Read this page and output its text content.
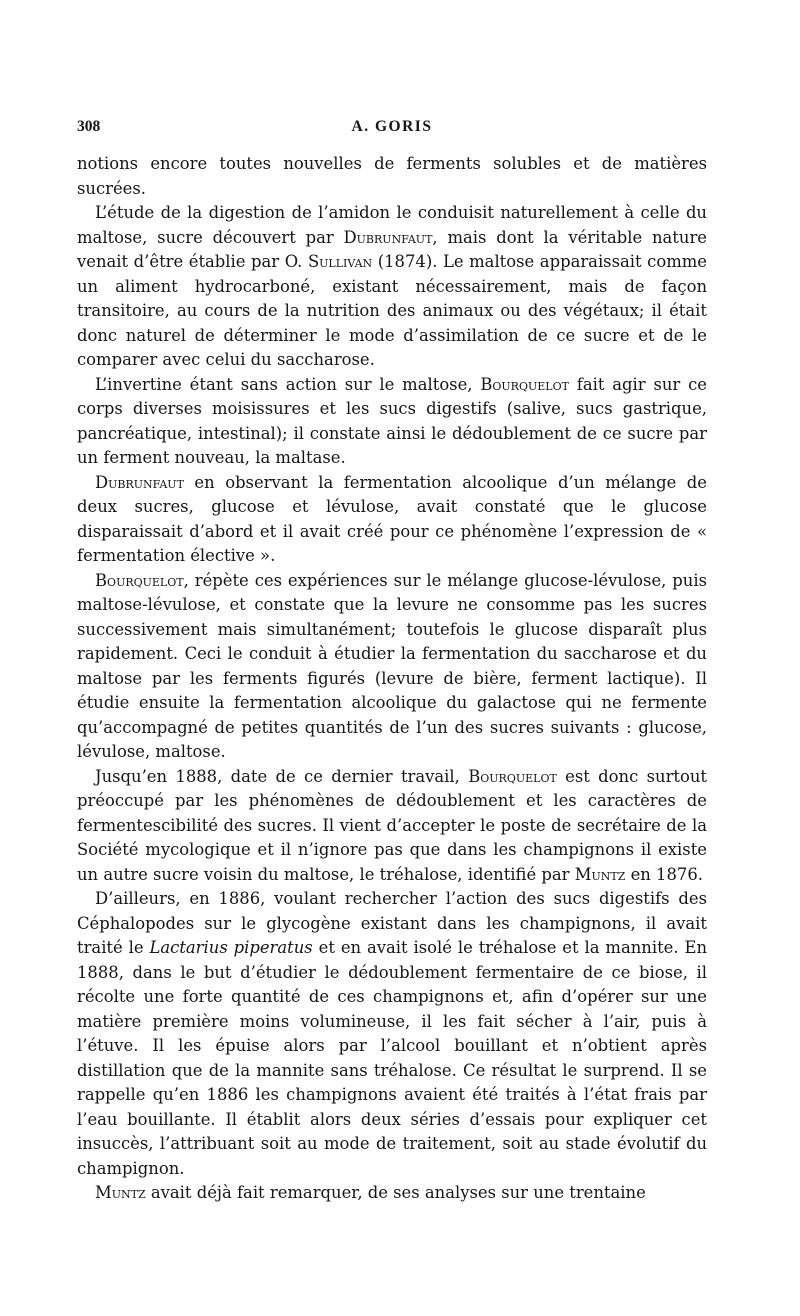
308	A. GORIS

notions encore toutes nouvelles de ferments solubles et de matières sucrées.

L’étude de la digestion de l’amidon le conduisit naturellement à celle du maltose, sucre découvert par Dubrunfaut, mais dont la véritable nature venait d’être établie par O. Sullivan (1874). Le maltose apparaissait comme un aliment hydrocarboné, existant nécessairement, mais de façon transitoire, au cours de la nutrition des animaux ou des végétaux; il était donc naturel de déterminer le mode d’assimilation de ce sucre et de le comparer avec celui du saccharose.

L’invertine étant sans action sur le maltose, Bourquelot fait agir sur ce corps diverses moisissures et les sucs digestifs (salive, sucs gastrique, pancréatique, intestinal); il constate ainsi le dédoublement de ce sucre par un ferment nouveau, la maltase.

Dubrunfaut en observant la fermentation alcoolique d’un mélange de deux sucres, glucose et lévulose, avait constaté que le glucose disparaissait d’abord et il avait créé pour ce phénomène l’expression de « fermentation élective ».

Bourquelot, répète ces expériences sur le mélange glucose-lévulose, puis maltose-lévulose, et constate que la levure ne consomme pas les sucres successivement mais simultanément; toutefois le glucose disparaît plus rapidement. Ceci le conduit à étudier la fermentation du saccharose et du maltose par les ferments figurés (levure de bière, ferment lactique). Il étudie ensuite la fermentation alcoolique du galactose qui ne fermente qu’accompagné de petites quantités de l’un des sucres suivants : glucose, lévulose, maltose.

Jusqu’en 1888, date de ce dernier travail, Bourquelot est donc surtout préoccupé par les phénomènes de dédoublement et les caractères de fermentescibilité des sucres. Il vient d’accepter le poste de secrétaire de la Société mycologique et il n’ignore pas que dans les champignons il existe un autre sucre voisin du maltose, le tréhalose, identifié par Muntz en 1876.

D’ailleurs, en 1886, voulant rechercher l’action des sucs digestifs des Céphalopodes sur le glycogène existant dans les champignons, il avait traité le Lactarius piperatus et en avait isolé le tréhalose et la mannite. En 1888, dans le but d’étudier le dédoublement fermentaire de ce biose, il récolte une forte quantité de ces champignons et, afin d’opérer sur une matière première moins volumineuse, il les fait sécher à l’air, puis à l’étuve. Il les épuise alors par l’alcool bouillant et n’obtient après distillation que de la mannite sans tréhalose. Ce résultat le surprend. Il se rappelle qu’en 1886 les champignons avaient été traités à l’état frais par l’eau bouillante. Il établit alors deux séries d’essais pour expliquer cet insuccès, l’attribuant soit au mode de traitement, soit au stade évolutif du champignon.

Muntz avait déjà fait remarquer, de ses analyses sur une trentaine
